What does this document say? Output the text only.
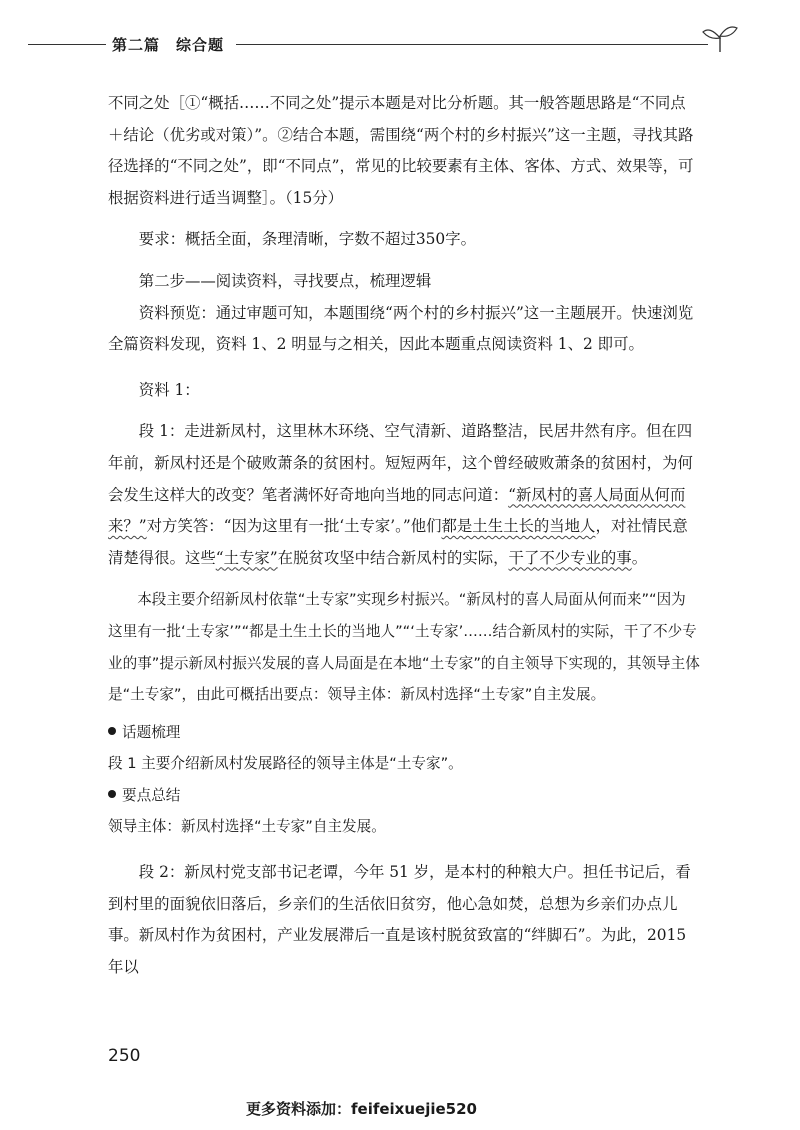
第二篇　综合题

不同之处［①“概括……不同之处”提示本题是对比分析题。其一般答题思路是“不同点＋结论（优劣或对策）”。②结合本题，需围绕“两个村的乡村振兴”这一主题，寻找其路径选择的“不同之处”，即“不同点”，常见的比较要素有主体、客体、方式、效果等，可根据资料进行适当调整］。（15分）

要求：概括全面，条理清晰，字数不超过350字。

第二步——阅读资料，寻找要点，梳理逻辑

资料预览：通过审题可知，本题围绕“两个村的乡村振兴”这一主题展开。快速浏览全篇资料发现，资料 1、2 明显与之相关，因此本题重点阅读资料 1、2 即可。

资料 1：

段 1：走进新凤村，这里林木环绕、空气清新、道路整洁，民居井然有序。但在四年前，新凤村还是个破败萧条的贫困村。短短两年，这个曾经破败萧条的贫困村，为何会发生这样大的改变？笔者满怀好奇地向当地的同志问道：“新凤村的喜人局面从何而来？”对方笑答：“因为这里有一批‘土专家’。”他们都是土生土长的当地人，对社情民意清楚得很。这些“土专家”在脱贫攻坚中结合新凤村的实际，干了不少专业的事。

本段主要介绍新凤村依靠“土专家”实现乡村振兴。“新凤村的喜人局面从何而来”“因为这里有一批‘土专家’”“都是土生土长的当地人”“‘土专家’……结合新凤村的实际，干了不少专业的事”提示新凤村振兴发展的喜人局面是在本地“土专家”的自主领导下实现的，其领导主体是“土专家”，由此可概括出要点：领导主体：新凤村选择“土专家”自主发展。

话题梳理

段 1 主要介绍新凤村发展路径的领导主体是“土专家”。

要点总结

领导主体：新凤村选择“土专家”自主发展。

段 2：新凤村党支部书记老谭，今年 51 岁，是本村的种粮大户。担任书记后，看到村里的面貌依旧落后，乡亲们的生活依旧贫穷，他心急如焚，总想为乡亲们办点儿事。新凤村作为贫困村，产业发展滞后一直是该村脱贫致富的“绊脚石”。为此，2015 年以

250
更多资料添加：feifeixuejie520
